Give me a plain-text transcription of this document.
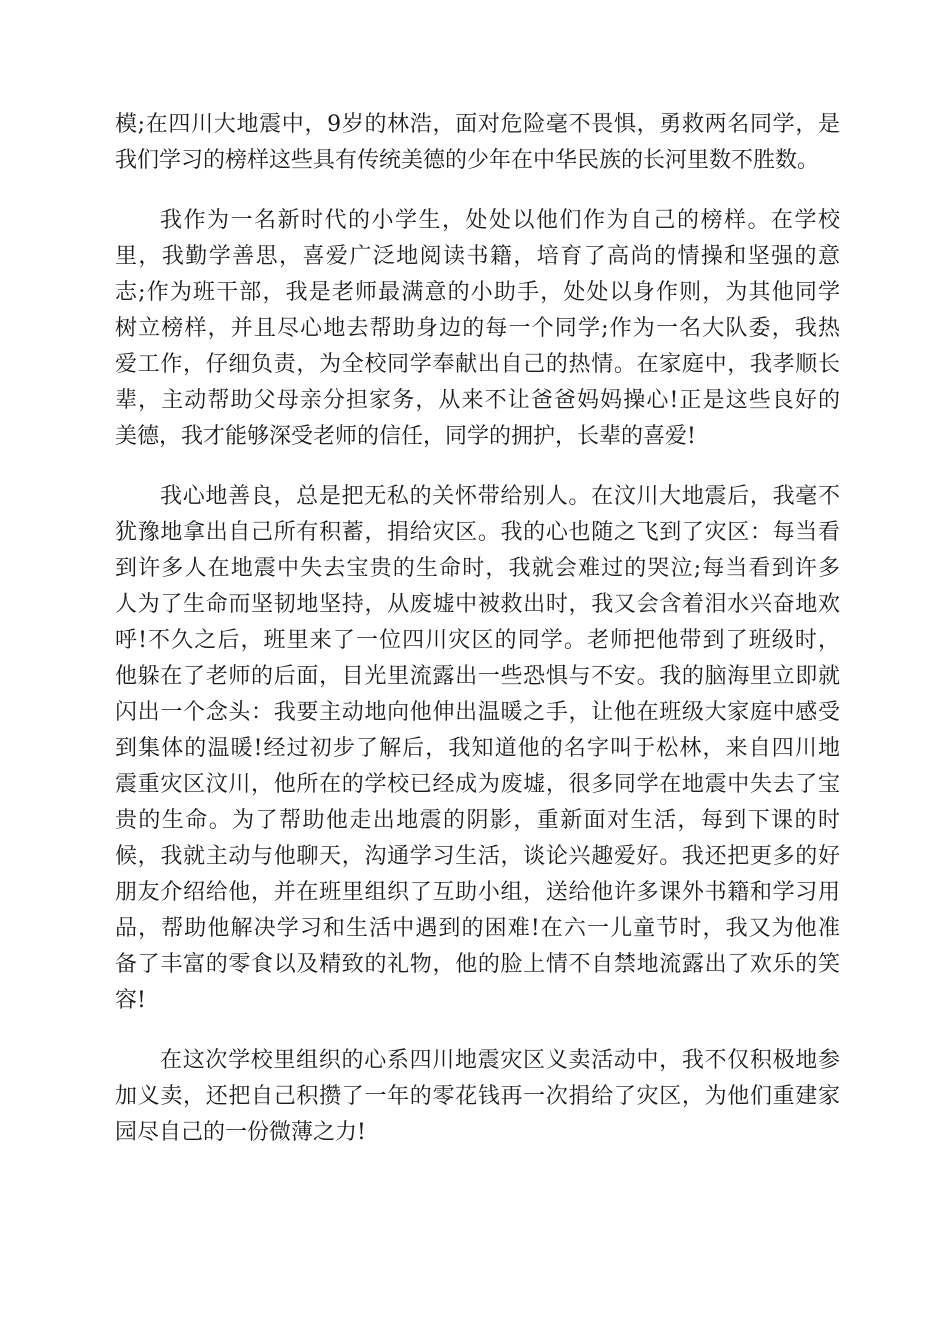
模;在四川大地震中，9岁的林浩，面对危险毫不畏惧，勇救两名同学，是
我们学习的榜样这些具有传统美德的少年在中华民族的长河里数不胜数。
我作为一名新时代的小学生，处处以他们作为自己的榜样。在学校
里，我勤学善思，喜爱广泛地阅读书籍，培育了高尚的情操和坚强的意
志;作为班干部，我是老师最满意的小助手，处处以身作则，为其他同学
树立榜样，并且尽心地去帮助身边的每一个同学;作为一名大队委，我热
爱工作，仔细负责，为全校同学奉献出自己的热情。在家庭中，我孝顺长
辈，主动帮助父母亲分担家务，从来不让爸爸妈妈操心!正是这些良好的
美德，我才能够深受老师的信任，同学的拥护，长辈的喜爱!
我心地善良，总是把无私的关怀带给别人。在汶川大地震后，我毫不
犹豫地拿出自己所有积蓄，捐给灾区。我的心也随之飞到了灾区：每当看
到许多人在地震中失去宝贵的生命时，我就会难过的哭泣;每当看到许多
人为了生命而坚韧地坚持，从废墟中被救出时，我又会含着泪水兴奋地欢
呼!不久之后，班里来了一位四川灾区的同学。老师把他带到了班级时，
他躲在了老师的后面，目光里流露出一些恐惧与不安。我的脑海里立即就
闪出一个念头：我要主动地向他伸出温暖之手，让他在班级大家庭中感受
到集体的温暖!经过初步了解后，我知道他的名字叫于松林，来自四川地
震重灾区汶川，他所在的学校已经成为废墟，很多同学在地震中失去了宝
贵的生命。为了帮助他走出地震的阴影，重新面对生活，每到下课的时
候，我就主动与他聊天，沟通学习生活，谈论兴趣爱好。我还把更多的好
朋友介绍给他，并在班里组织了互助小组，送给他许多课外书籍和学习用
品，帮助他解决学习和生活中遇到的困难!在六一儿童节时，我又为他准
备了丰富的零食以及精致的礼物，他的脸上情不自禁地流露出了欢乐的笑
容!
在这次学校里组织的心系四川地震灾区义卖活动中，我不仅积极地参
加义卖，还把自己积攒了一年的零花钱再一次捐给了灾区，为他们重建家
园尽自己的一份微薄之力!
